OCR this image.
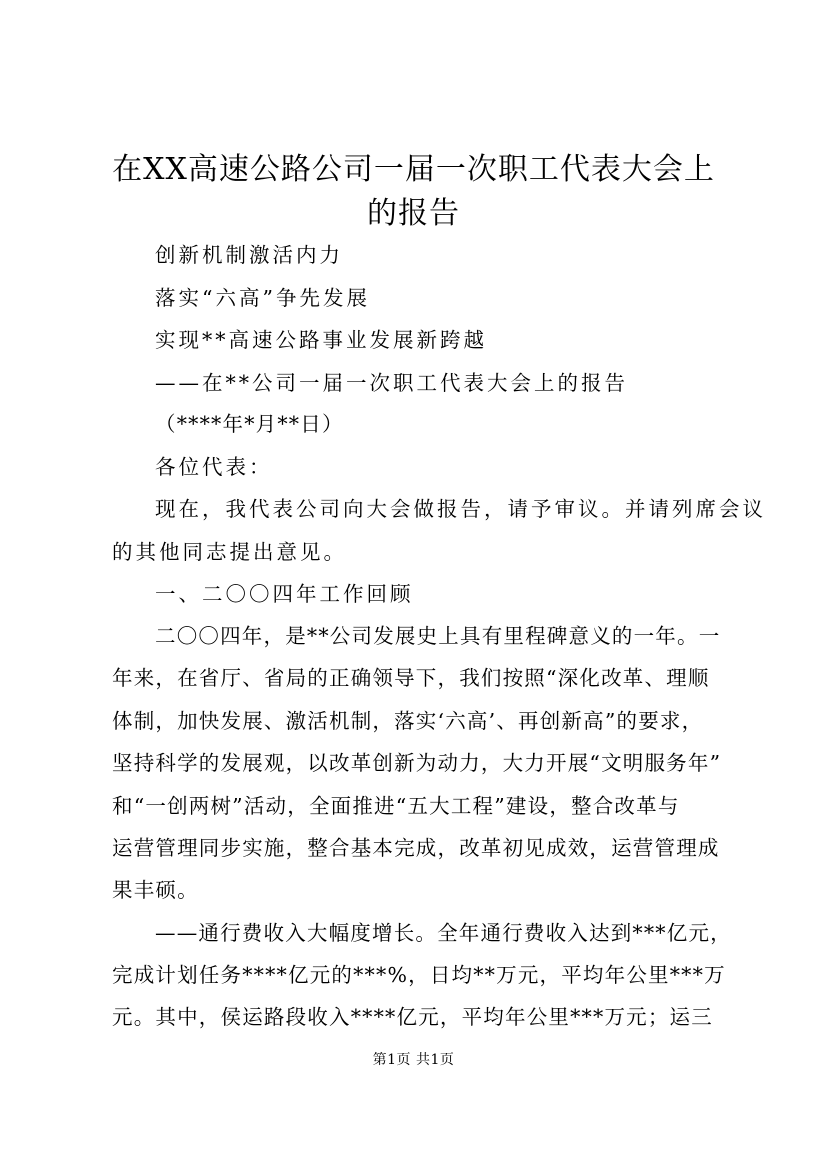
在XX高速公路公司一届一次职工代表大会上
的报告
创新机制激活内力
落实“六高”争先发展
实现**高速公路事业发展新跨越
——在**公司一届一次职工代表大会上的报告
（****年*月**日）
各位代表：
现在，我代表公司向大会做报告，请予审议。并请列席会议
的其他同志提出意见。
一、二〇〇四年工作回顾
二〇〇四年，是**公司发展史上具有里程碑意义的一年。一
年来，在省厅、省局的正确领导下，我们按照“深化改革、理顺
体制，加快发展、激活机制，落实‘六高’、再创新高”的要求，
坚持科学的发展观，以改革创新为动力，大力开展“文明服务年”
和“一创两树”活动，全面推进“五大工程”建设，整合改革与
运营管理同步实施，整合基本完成，改革初见成效，运营管理成
果丰硕。
——通行费收入大幅度增长。全年通行费收入达到***亿元，
完成计划任务****亿元的***%，日均**万元，平均年公里***万
元。其中，侯运路段收入****亿元，平均年公里***万元；运三
第1页 共1页
